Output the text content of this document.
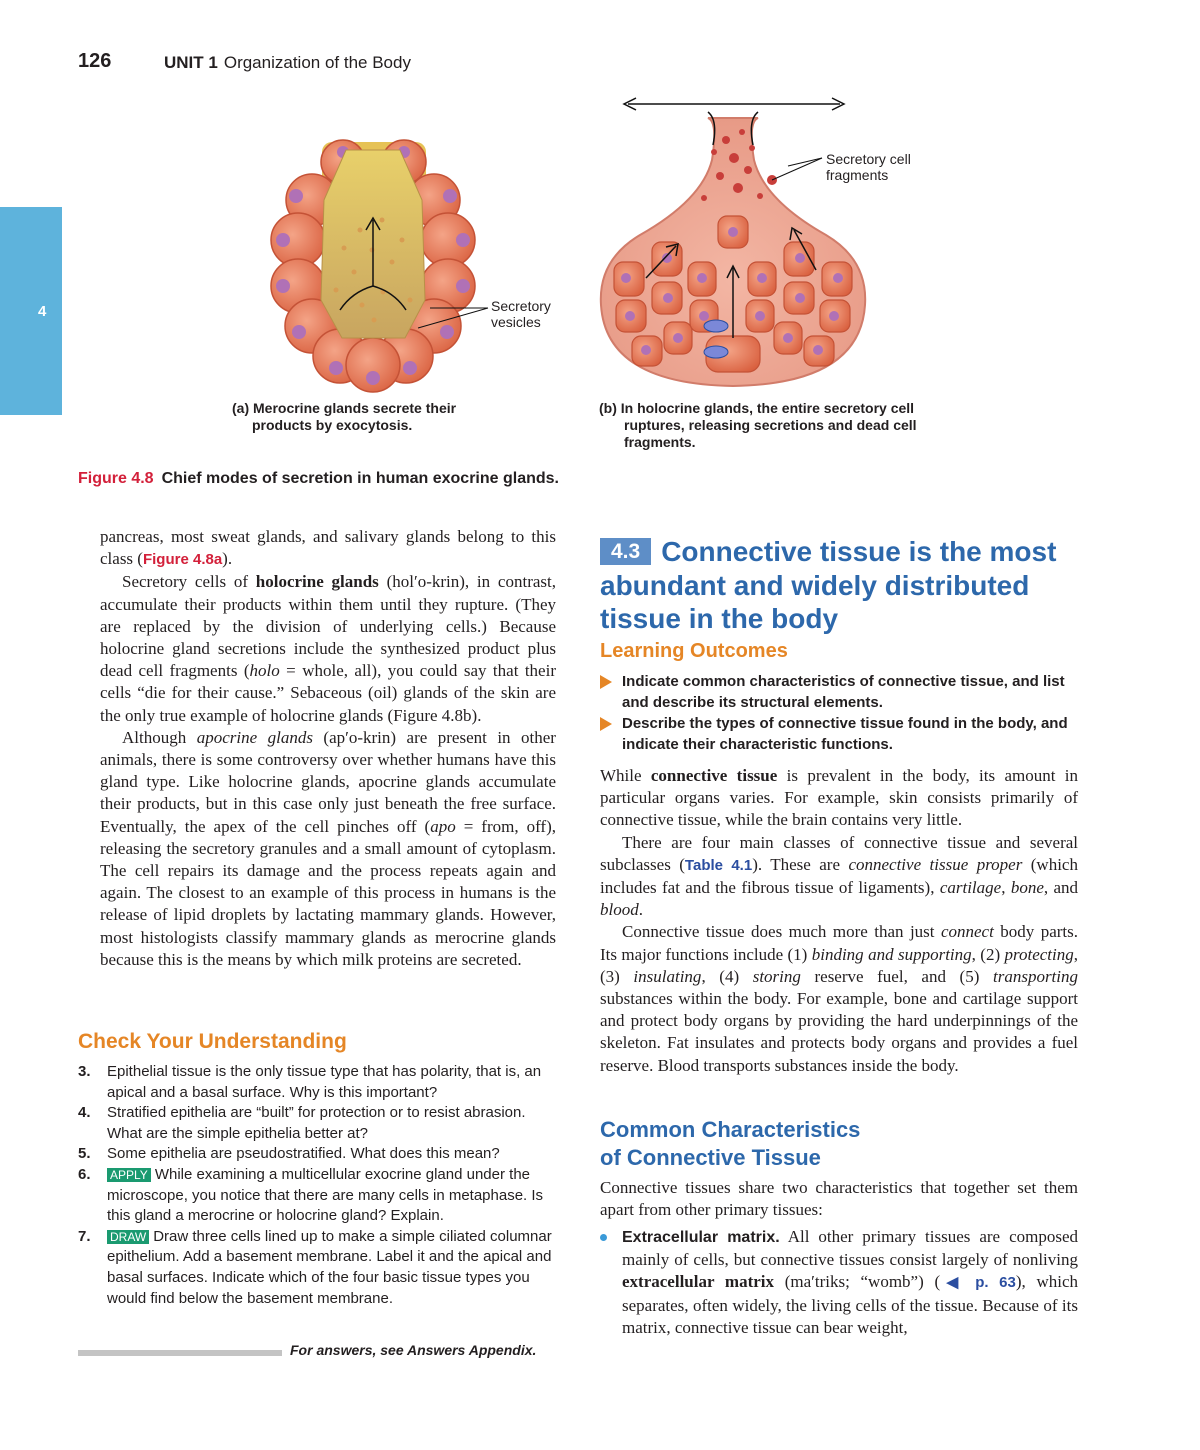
126	UNIT 1 Organization of the Body
4	Secretory vesicles
Secretory cell fragments
(a) Merocrine glands secrete their products by exocytosis.
(b) In holocrine glands, the entire secretory cell ruptures, releasing secretions and dead cell fragments.
Figure 4.8 Chief modes of secretion in human exocrine glands.

pancreas, most sweat glands, and salivary glands belong to this class (Figure 4.8a).

Secretory cells of holocrine glands (hol′o-krin), in contrast, accumulate their products within them until they rupture. (They are replaced by the division of underlying cells.) Because holocrine gland secretions include the synthesized product plus dead cell fragments (holo = whole, all), you could say that their cells “die for their cause.” Sebaceous (oil) glands of the skin are the only true example of holocrine glands (Figure 4.8b).

Although apocrine glands (ap′o-krin) are present in other animals, there is some controversy over whether humans have this gland type. Like holocrine glands, apocrine glands accumulate their products, but in this case only just beneath the free surface. Eventually, the apex of the cell pinches off (apo = from, off), releasing the secretory granules and a small amount of cytoplasm. The cell repairs its damage and the process repeats again and again. The closest to an example of this process in humans is the release of lipid droplets by lactating mammary glands. However, most histologists classify mammary glands as merocrine glands because this is the means by which milk proteins are secreted.

Check Your Understanding
3. Epithelial tissue is the only tissue type that has polarity, that is, an apical and a basal surface. Why is this important?
4. Stratified epithelia are “built” for protection or to resist abrasion. What are the simple epithelia better at?
5. Some epithelia are pseudostratified. What does this mean?
6. APPLY While examining a multicellular exocrine gland under the microscope, you notice that there are many cells in metaphase. Is this gland a merocrine or holocrine gland? Explain.
7. DRAW Draw three cells lined up to make a simple ciliated columnar epithelium. Add a basement membrane. Label it and the apical and basal surfaces. Indicate which of the four basic tissue types you would find below the basement membrane.
For answers, see Answers Appendix.
4.3 Connective tissue is the most abundant and widely distributed tissue in the body
Learning Outcomes
Indicate common characteristics of connective tissue, and list and describe its structural elements.
Describe the types of connective tissue found in the body, and indicate their characteristic functions.

While connective tissue is prevalent in the body, its amount in particular organs varies. For example, skin consists primarily of connective tissue, while the brain contains very little.

There are four main classes of connective tissue and several subclasses (Table 4.1). These are connective tissue proper (which includes fat and the fibrous tissue of ligaments), cartilage, bone, and blood.

Connective tissue does much more than just connect body parts. Its major functions include (1) binding and supporting, (2) protecting, (3) insulating, (4) storing reserve fuel, and (5) transporting substances within the body. For example, bone and cartilage support and protect body organs by providing the hard underpinnings of the skeleton. Fat insulates and protects body organs and provides a fuel reserve. Blood transports substances inside the body.

Common Characteristics
of Connective Tissue

Connective tissues share two characteristics that together set them apart from other primary tissues:

Extracellular matrix. All other primary tissues are composed mainly of cells, but connective tissues consist largely of nonliving extracellular matrix (ma′triks; “womb”) (◀ p. 63), which separates, often widely, the living cells of the tissue. Because of its matrix, connective tissue can bear weight,
